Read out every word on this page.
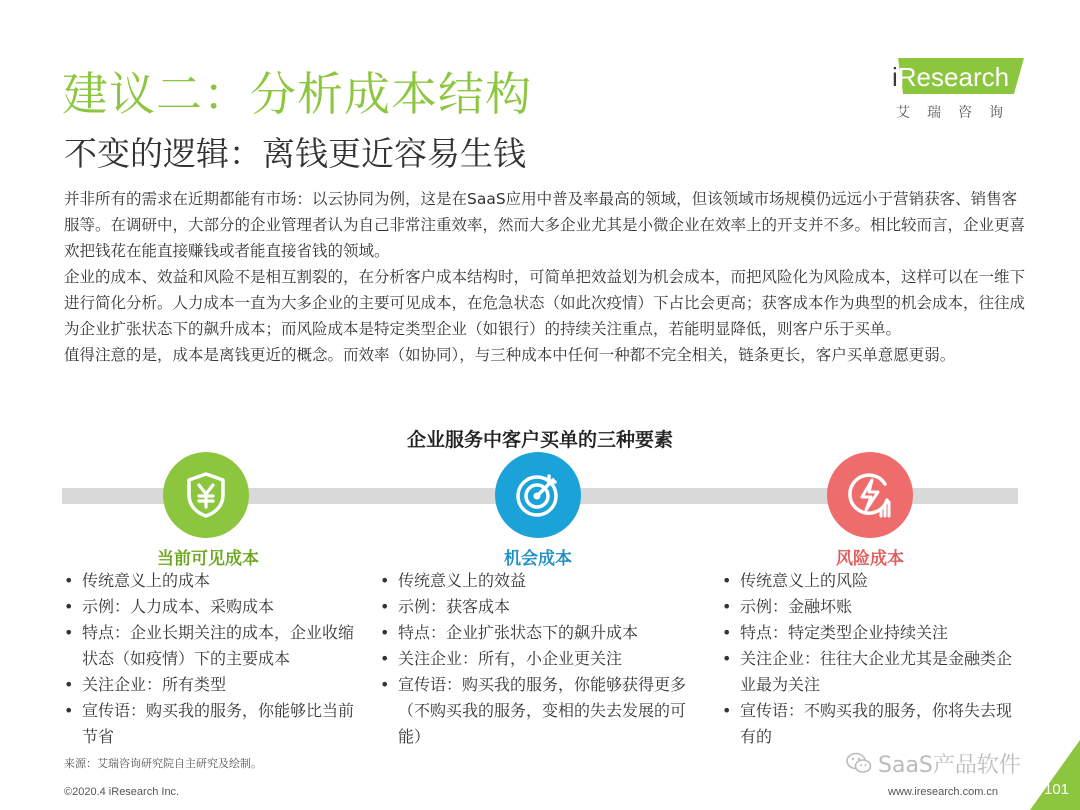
建议二：分析成本结构
不变的逻辑：离钱更近容易生钱
iResearch
艾瑞咨询

并非所有的需求在近期都能有市场：以云协同为例，这是在SaaS应用中普及率最高的领域，但该领域市场规模仍远远小于营销获客、销售客服等。在调研中，大部分的企业管理者认为自己非常注重效率，然而大多企业尤其是小微企业在效率上的开支并不多。相比较而言，企业更喜欢把钱花在能直接赚钱或者能直接省钱的领域。

企业的成本、效益和风险不是相互割裂的，在分析客户成本结构时，可简单把效益划为机会成本，而把风险化为风险成本，这样可以在一维下进行简化分析。人力成本一直为大多企业的主要可见成本，在危急状态（如此次疫情）下占比会更高；获客成本作为典型的机会成本，往往成为企业扩张状态下的飙升成本；而风险成本是特定类型企业（如银行）的持续关注重点，若能明显降低，则客户乐于买单。

值得注意的是，成本是离钱更近的概念。而效率（如协同），与三种成本中任何一种都不完全相关，链条更长，客户买单意愿更弱。

企业服务中客户买单的三种要素
当前可见成本	机会成本	风险成本
• 传统意义上的成本
• 示例：人力成本、采购成本
• 特点：企业长期关注的成本，企业收缩状态（如疫情）下的主要成本
• 关注企业：所有类型
• 宣传语：购买我的服务，你能够比当前节省
• 传统意义上的效益
• 示例：获客成本
• 特点：企业扩张状态下的飙升成本
• 关注企业：所有，小企业更关注
• 宣传语：购买我的服务，你能够获得更多（不购买我的服务，变相的失去发展的可能）
• 传统意义上的风险
• 示例：金融坏账
• 特点：特定类型企业持续关注
• 关注企业：往往大企业尤其是金融类企业最为关注
• 宣传语：不购买我的服务，你将失去现有的
来源：艾瑞咨询研究院自主研究及绘制。	SaaS产品软件
©2020.4 iResearch Inc.	www.iresearch.com.cn	101
